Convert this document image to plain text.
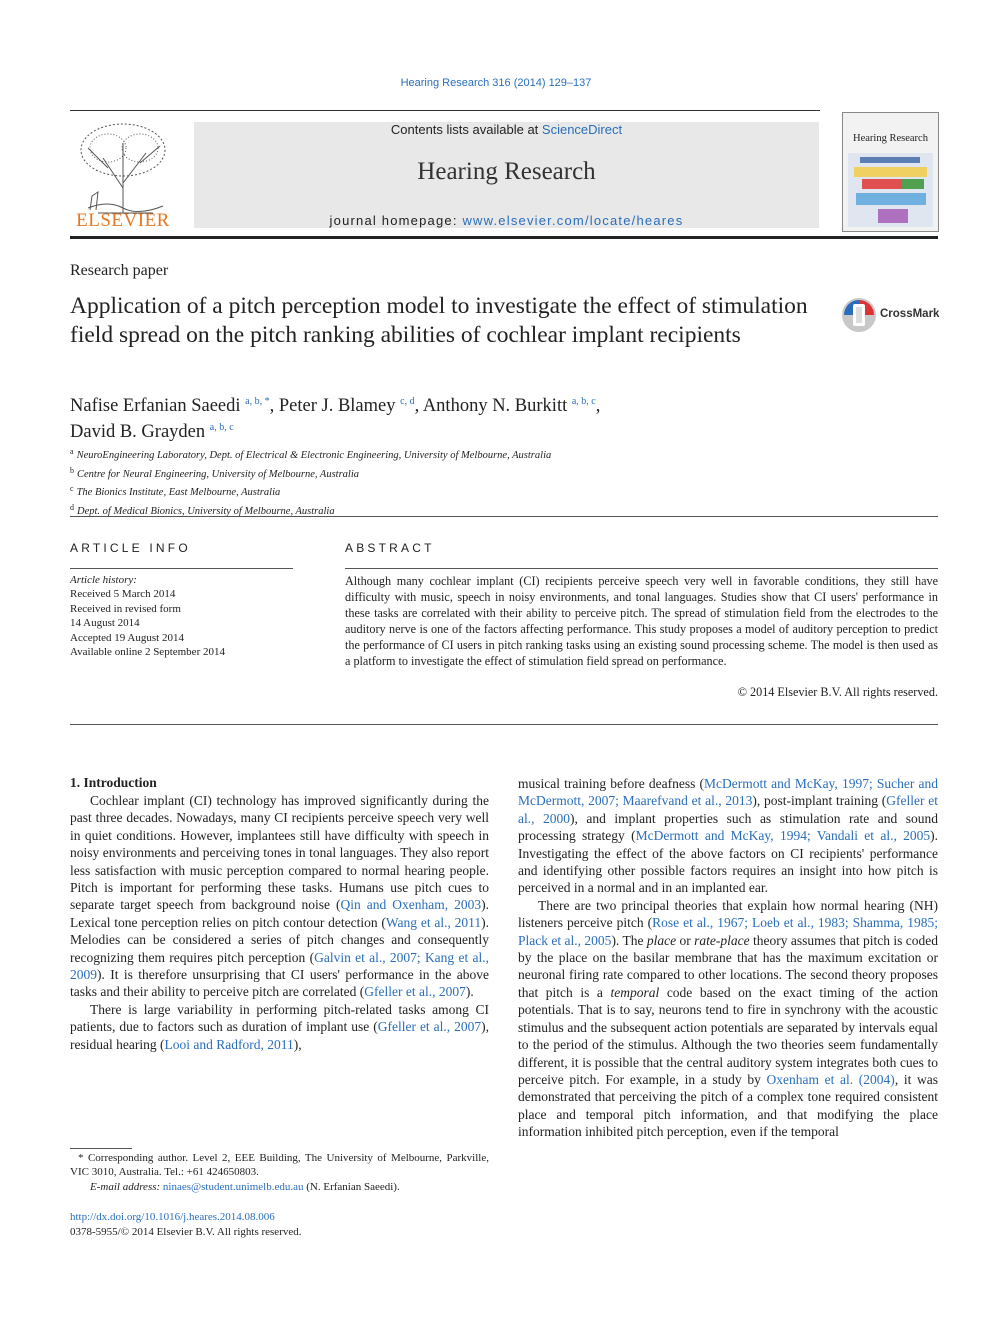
Hearing Research 316 (2014) 129–137
ELSEVIER
Contents lists available at ScienceDirect
Hearing Research
journal homepage: www.elsevier.com/locate/heares
Hearing Research
Research paper
Application of a pitch perception model to investigate the effect of stimulation field spread on the pitch ranking abilities of cochlear implant recipients
CrossMark
Nafise Erfanian Saeedi $^{a, b, *}$, Peter J. Blamey $^{c, d}$, Anthony N. Burkitt $^{a, b, c}$,
David B. Grayden $^{a, b, c}$
$^a$ NeuroEngineering Laboratory, Dept. of Electrical & Electronic Engineering, University of Melbourne, Australia
$^b$ Centre for Neural Engineering, University of Melbourne, Australia
$^c$ The Bionics Institute, East Melbourne, Australia
$^d$ Dept. of Medical Bionics, University of Melbourne, Australia
ARTICLE INFO	ABSTRACT
Article history:
Received 5 March 2014
Received in revised form
14 August 2014
Accepted 19 August 2014
Available online 2 September 2014
Although many cochlear implant (CI) recipients perceive speech very well in favorable conditions, they still have difficulty with music, speech in noisy environments, and tonal languages. Studies show that CI users' performance in these tasks are correlated with their ability to perceive pitch. The spread of stimulation field from the electrodes to the auditory nerve is one of the factors affecting performance. This study proposes a model of auditory perception to predict the performance of CI users in pitch ranking tasks using an existing sound processing scheme. The model is then used as a platform to investigate the effect of stimulation field spread on performance.
© 2014 Elsevier B.V. All rights reserved.
1. Introduction

Cochlear implant (CI) technology has improved significantly during the past three decades. Nowadays, many CI recipients perceive speech very well in quiet conditions. However, implantees still have difficulty with speech in noisy environments and perceiving tones in tonal languages. They also report less satisfaction with music perception compared to normal hearing people. Pitch is important for performing these tasks. Humans use pitch cues to separate target speech from background noise (Qin and Oxenham, 2003). Lexical tone perception relies on pitch contour detection (Wang et al., 2011). Melodies can be considered a series of pitch changes and consequently recognizing them requires pitch perception (Galvin et al., 2007; Kang et al., 2009). It is therefore unsurprising that CI users' performance in the above tasks and their ability to perceive pitch are correlated (Gfeller et al., 2007).

There is large variability in performing pitch-related tasks among CI patients, due to factors such as duration of implant use (Gfeller et al., 2007), residual hearing (Looi and Radford, 2011),

musical training before deafness (McDermott and McKay, 1997; Sucher and McDermott, 2007; Maarefvand et al., 2013), post-implant training (Gfeller et al., 2000), and implant properties such as stimulation rate and sound processing strategy (McDermott and McKay, 1994; Vandali et al., 2005). Investigating the effect of the above factors on CI recipients' performance and identifying other possible factors requires an insight into how pitch is perceived in a normal and in an implanted ear.

There are two principal theories that explain how normal hearing (NH) listeners perceive pitch (Rose et al., 1967; Loeb et al., 1983; Shamma, 1985; Plack et al., 2005). The place or rate-place theory assumes that pitch is coded by the place on the basilar membrane that has the maximum excitation or neuronal firing rate compared to other locations. The second theory proposes that pitch is a temporal code based on the exact timing of the action potentials. That is to say, neurons tend to fire in synchrony with the acoustic stimulus and the subsequent action potentials are separated by intervals equal to the period of the stimulus. Although the two theories seem fundamentally different, it is possible that the central auditory system integrates both cues to perceive pitch. For example, in a study by Oxenham et al. (2004), it was demonstrated that perceiving the pitch of a complex tone required consistent place and temporal pitch information, and that modifying the place information inhibited pitch perception, even if the temporal

* Corresponding author. Level 2, EEE Building, The University of Melbourne, Parkville, VIC 3010, Australia. Tel.: +61 424650803.
E-mail address: ninaes@student.unimelb.edu.au (N. Erfanian Saeedi).
http://dx.doi.org/10.1016/j.heares.2014.08.006
0378-5955/© 2014 Elsevier B.V. All rights reserved.
